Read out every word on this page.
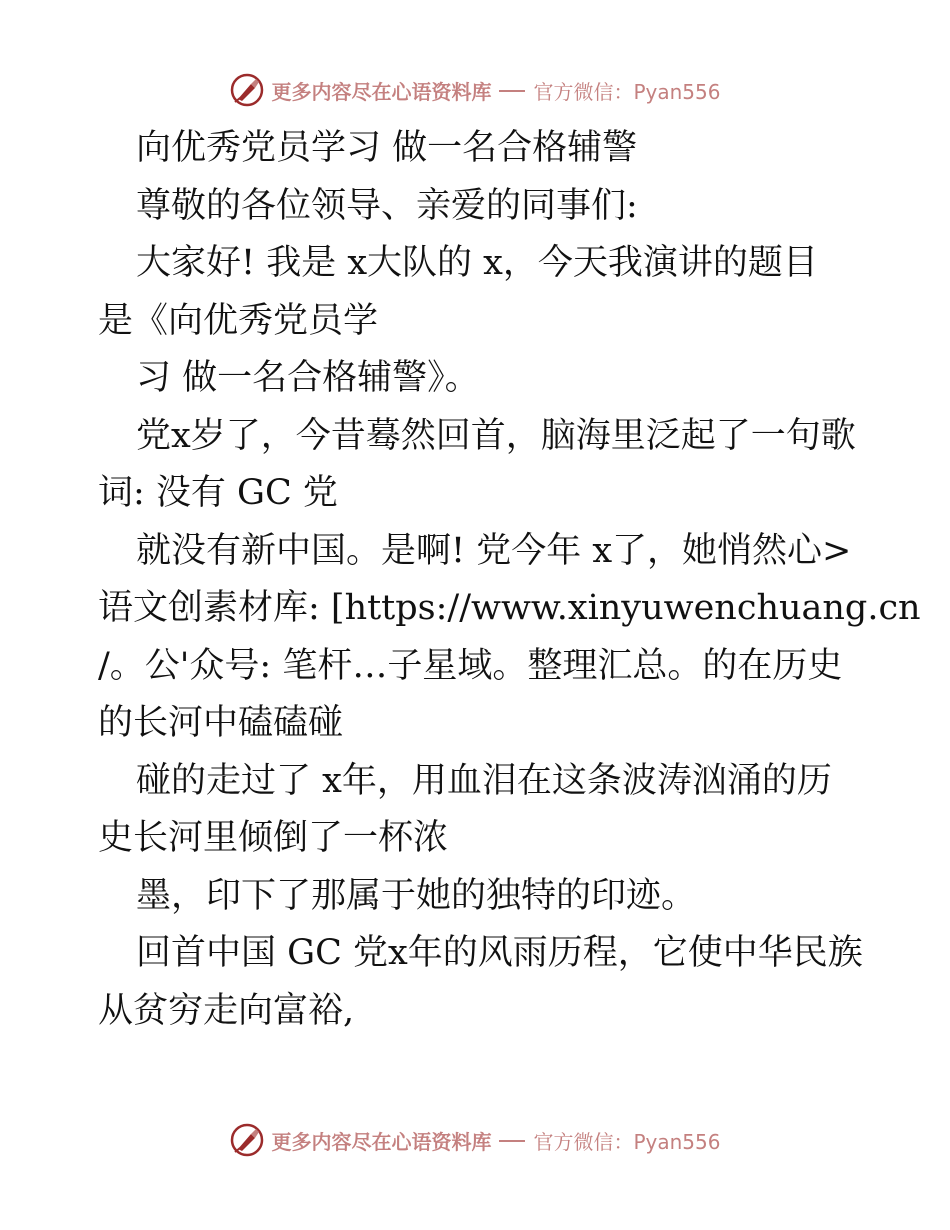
更多内容尽在心语资料库 官方微信：Pyan556
向优秀党员学习 做一名合格辅警
尊敬的各位领导、亲爱的同事们:
大家好! 我是 x大队的 x，今天我演讲的题目
是《向优秀党员学
习 做一名合格辅警》。
党x岁了，今昔蓦然回首，脑海里泛起了一句歌
词: 没有 GC 党
就没有新中国。是啊! 党今年 x了，她悄然心>
语文创素材库: [https://www.xinyuwenchuang.cn
/。公'众号: 笔杆…子星域。整理汇总。的在历史
的长河中磕磕碰
碰的走过了 x年，用血泪在这条波涛汹涌的历
史长河里倾倒了一杯浓
墨，印下了那属于她的独特的印迹。
回首中国 GC 党x年的风雨历程，它使中华民族
从贫穷走向富裕,
更多内容尽在心语资料库 官方微信：Pyan556
